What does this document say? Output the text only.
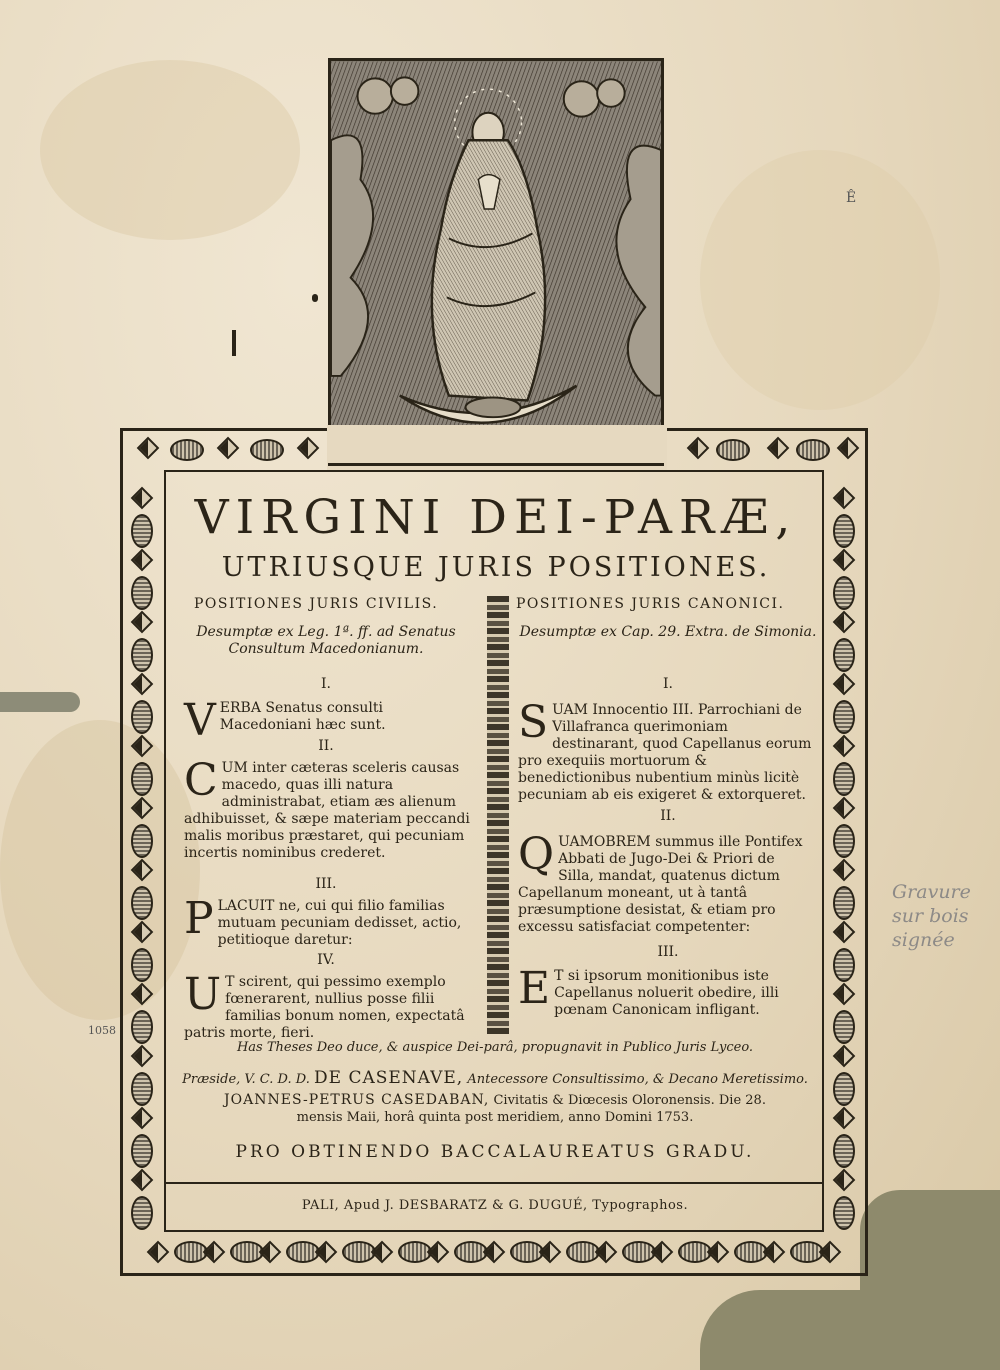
VIRGINI DEI-PARÆ,
UTRIUSQUE JURIS POSITIONES.
POSITIONES JURIS CIVILIS.	POSITIONES JURIS CANONICI.
Desumptæ ex Leg. 1ª. ff. ad Senatus Consultum Macedonianum.
Desumptæ ex Cap. 29. Extra. de Simonia.
I.
VERBA Senatus consulti Macedoniani hæc sunt.
II.
CUM inter cæteras sceleris causas macedo, quas illi natura administrabat, etiam æs alienum adhibuisset, & sæpe materiam peccandi malis moribus præstaret, qui pecuniam incertis nominibus crederet.
III.
PLACUIT ne, cui qui filio familias mutuam pecuniam dedisset, actio, petitioque daretur:
IV.
U T scirent, qui pessimo exemplo fœnerarent, nullius posse filii familias bonum nomen, expectatâ patris morte, fieri.
I.
SUAM Innocentio III. Parrochiani de Villafranca querimoniam destinarant, quod Capellanus eorum pro exequiis mortuorum & benedictionibus nubentium minùs licitè pecuniam ab eis exigeret & extorqueret.
II.
QUAMOBREM summus ille Pontifex Abbati de Jugo-Dei & Priori de Silla, mandat, quatenus dictum Capellanum moneant, ut à tantâ præsumptione desistat, & etiam pro excessu satisfaciat competenter:
III.
E T si ipsorum monitionibus iste Capellanus noluerit obedire, illi pœnam Canonicam infligant.
Has Theses Deo duce, & auspice Dei-parâ, propugnavit in Publico Juris Lyceo.
Præside, V. C. D. D. DE CASENAVE, Antecessore Consultissimo, & Decano Meretissimo.
JOANNES-PETRUS CASEDABAN, Civitatis & Diœcesis Oloronensis. Die 28.
mensis Maii, horâ quinta post meridiem, anno Domini 1753.
PRO OBTINENDO BACCALAUREATUS GRADU.
PALI, Apud J. DESBARATZ & G. DUGUÉ, Typographos.
Gravure sur bois signée
1058
Ê
